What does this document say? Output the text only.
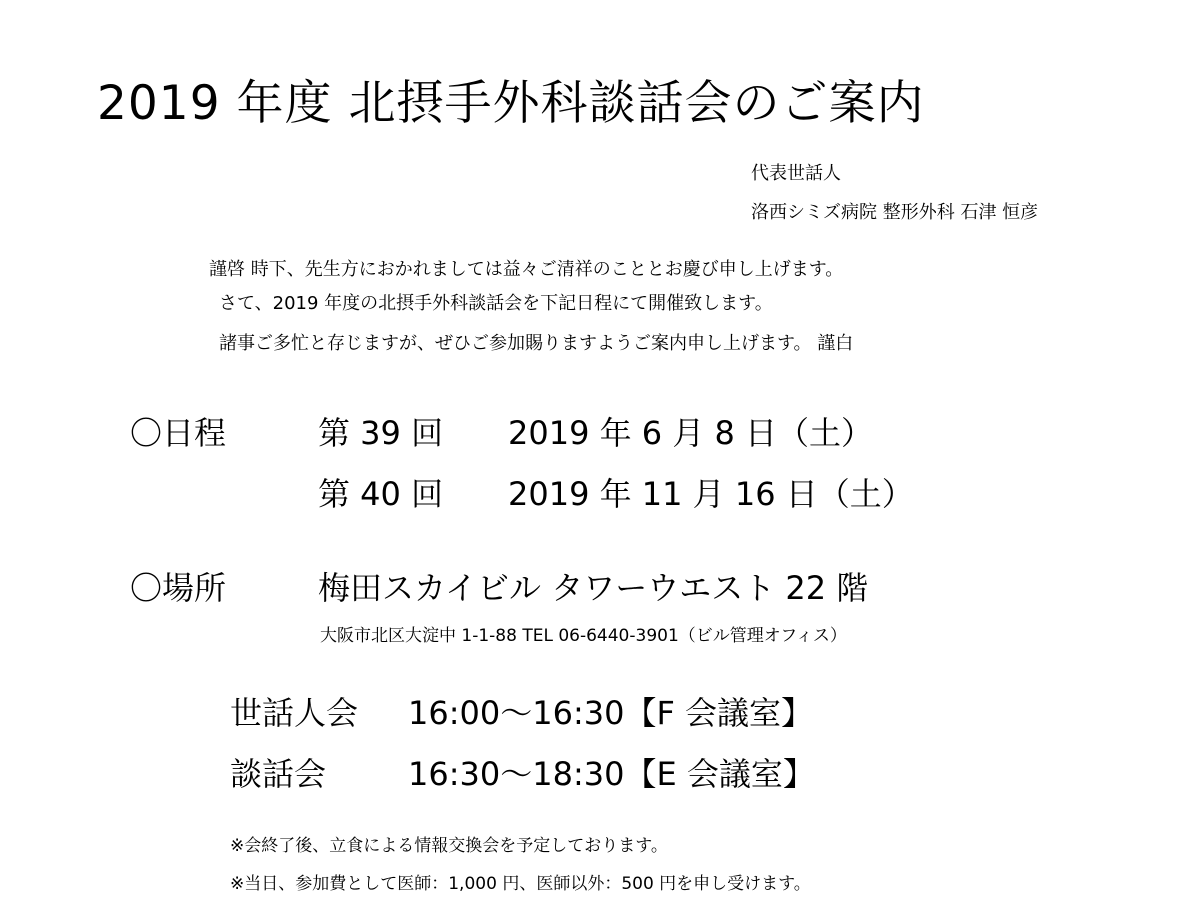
2019 年度 北摂手外科談話会のご案内
代表世話人
洛西シミズ病院 整形外科 石津 恒彦
謹啓 時下、先生方におかれましては益々ご清祥のこととお慶び申し上げます。
さて、2019 年度の北摂手外科談話会を下記日程にて開催致します。
諸事ご多忙と存じますが、ぜひご参加賜りますようご案内申し上げます。 謹白
〇日程	第 39 回 2019 年 6 月 8 日（土）
第 40 回 2019 年 11 月 16 日（土）
〇場所	梅田スカイビル タワーウエスト 22 階
大阪市北区大淀中 1-1-88 TEL 06-6440-3901（ビル管理オフィス）
世話人会 16:00～16:30【F 会議室】
談話会	16:30～18:30【E 会議室】
※会終了後、立食による情報交換会を予定しております。
※当日、参加費として医師：1,000 円、医師以外：500 円を申し受けます。
